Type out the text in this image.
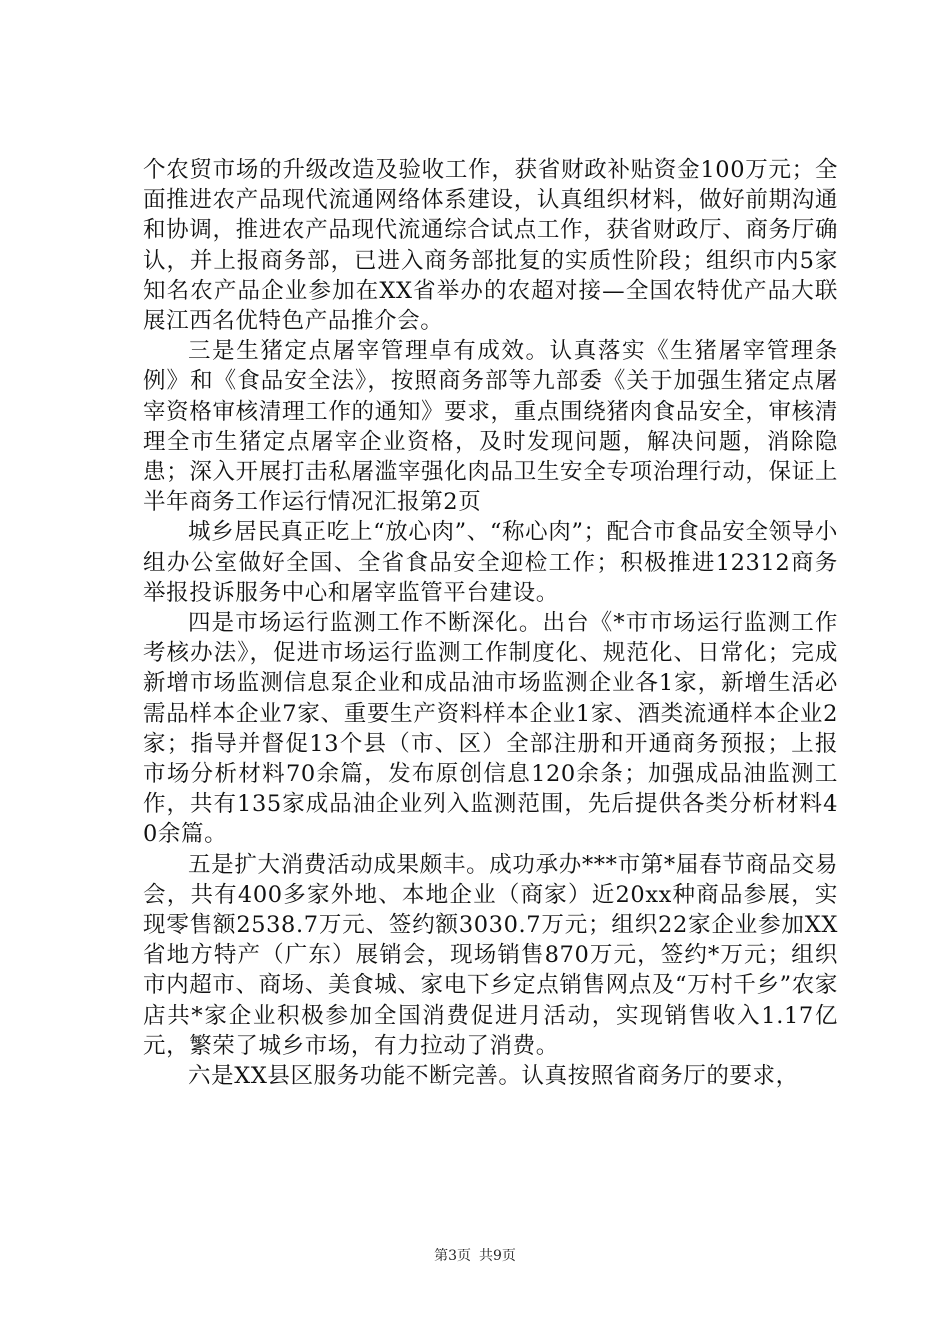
个农贸市场的升级改造及验收工作，获省财政补贴资金100万元；全面推进农产品现代流通网络体系建设，认真组织材料，做好前期沟通和协调，推进农产品现代流通综合试点工作，获省财政厅、商务厅确认，并上报商务部，已进入商务部批复的实质性阶段；组织市内5家知名农产品企业参加在XX省举办的农超对接—全国农特优产品大联展江西名优特色产品推介会。

三是生猪定点屠宰管理卓有成效。认真落实《生猪屠宰管理条例》和《食品安全法》，按照商务部等九部委《关于加强生猪定点屠宰资格审核清理工作的通知》要求，重点围绕猪肉食品安全，审核清理全市生猪定点屠宰企业资格，及时发现问题，解决问题，消除隐患；深入开展打击私屠滥宰强化肉品卫生安全专项治理行动，保证上半年商务工作运行情况汇报第2页

城乡居民真正吃上“放心肉”、“称心肉”；配合市食品安全领导小组办公室做好全国、全省食品安全迎检工作；积极推进12312商务举报投诉服务中心和屠宰监管平台建设。

四是市场运行监测工作不断深化。出台《*市市场运行监测工作考核办法》，促进市场运行监测工作制度化、规范化、日常化；完成新增市场监测信息泵企业和成品油市场监测企业各1家，新增生活必需品样本企业7家、重要生产资料样本企业1家、酒类流通样本企业2家；指导并督促13个县（市、区）全部注册和开通商务预报；上报市场分析材料70余篇，发布原创信息120余条；加强成品油监测工作，共有135家成品油企业列入监测范围，先后提供各类分析材料40余篇。

五是扩大消费活动成果颇丰。成功承办***市第*届春节商品交易会，共有400多家外地、本地企业（商家）近20xx种商品参展，实现零售额2538.7万元、签约额3030.7万元；组织22家企业参加XX省地方特产（广东）展销会，现场销售870万元，签约*万元；组织市内超市、商场、美食城、家电下乡定点销售网点及“万村千乡”农家店共*家企业积极参加全国消费促进月活动，实现销售收入1.17亿元，繁荣了城乡市场，有力拉动了消费。

六是XX县区服务功能不断完善。认真按照省商务厅的要求，

第3页 共9页
